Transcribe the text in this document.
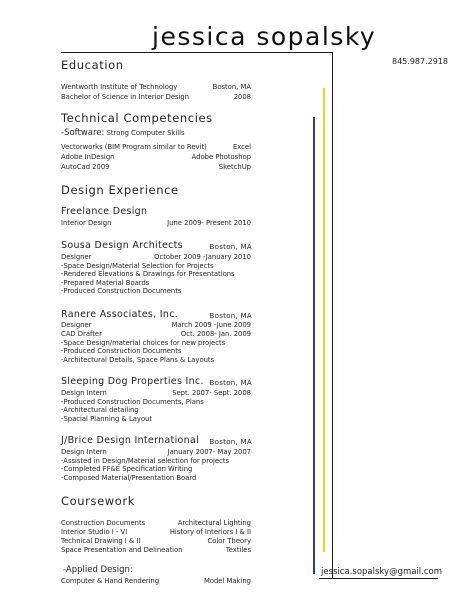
jessica sopalsky
845.987.2918
jessica.sopalsky@gmail.com
Education
Wentworth Institute of Technology	Boston, MA
Bachelor of Science in Interior Design	2008
Technical Competencies
-Software: Strong Computer Skills
Vectorworks (BIM Program similar to Revit)	Excel
Adobe InDesign	Adobe Photoshop
AutoCad 2009	SketchUp
Design Experience
Freelance Design
Interior Design	June 2009- Present 2010
Sousa Design Architects	Boston, MA
Designer	October 2009 -January 2010
-Space Design/Material Selection for Projects
-Rendered Elevations & Drawings for Presentations
-Prepared Material Boards
-Produced Construction Documents
Ranere Associates, Inc.	Boston, MA
Designer	March 2009 -June 2009
CAD Drafter	Oct. 2008- Jan. 2009
-Space Design/material choices for new projects
-Produced Construction Documents
-Architectural Details, Space Plans & Layouts
Sleeping Dog Properties Inc. Boston, MA
Design Intern	Sept. 2007- Sept. 2008
-Produced Construction Documents, Plans
-Architectural detailing
-Spacial Planning & Layout
J/Brice Design International Boston, MA
Design Intern	January 2007- May 2007
-Assisted in Design/Material selection for projects
-Completed FF&E Specification Writing
-Composed Material/Presentation Board
Coursework
Construction Documents	Architectural Lighting
Interior Studio I - VI	History of Interiors I & II
Technical Drawing I & II	Color Theory
Space Presentation and Delineation	Textiles
-Applied Design:
Computer & Hand Rendering	Model Making
